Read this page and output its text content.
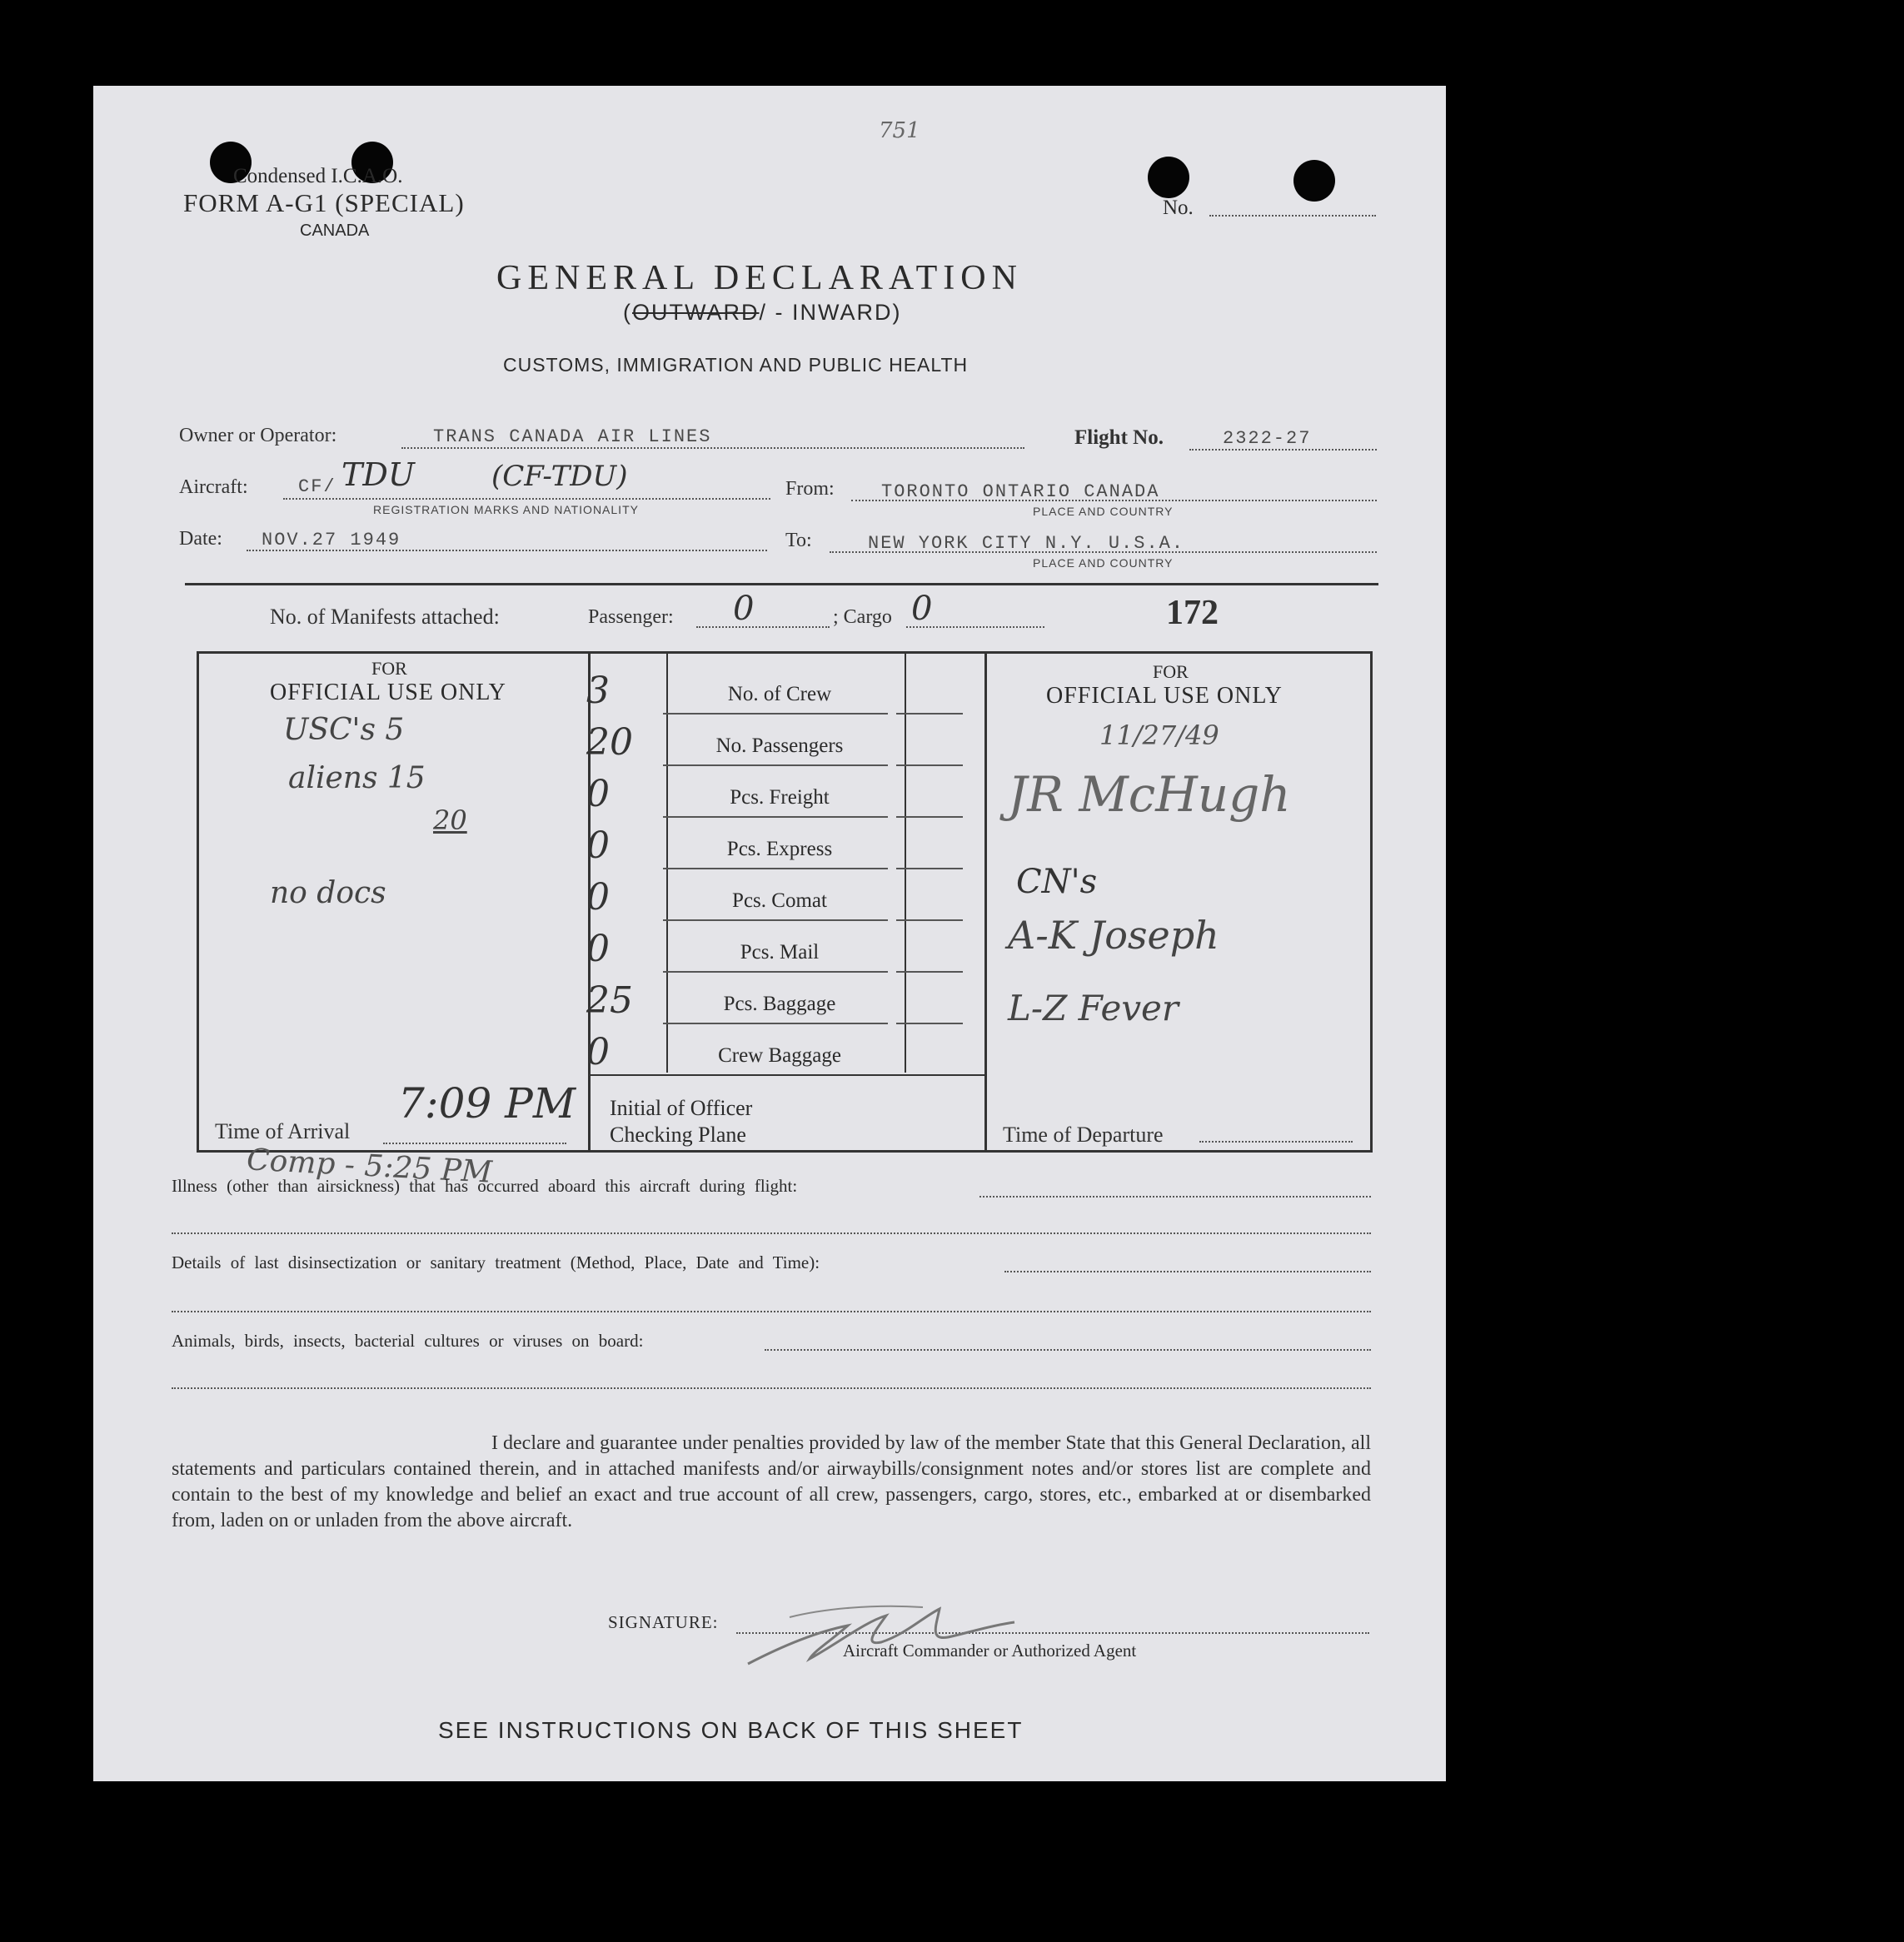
751
Condensed I.C.A.O.
FORM A-G1 (SPECIAL)
CANADA
No.
GENERAL DECLARATION
(OUTWARD/ - INWARD)
CUSTOMS, IMMIGRATION AND PUBLIC HEALTH
Owner or Operator:	TRANS CANADA AIR LINES	Flight No.	2322-27
Aircraft:	CF/ TDU	(CF-TDU)
REGISTRATION MARKS AND NATIONALITY
From:	TORONTO ONTARIO CANADA
PLACE AND COUNTRY
Date: NOV.27 1949	To:	NEW YORK CITY N.Y. U.S.A.
PLACE AND COUNTRY
No. of Manifests attached:	Passenger: 0	; Cargo 0	172
FOR
OFFICIAL USE ONLY
USC's 5
aliens 15
20
no docs
Time of Arrival
7:09 PM
Comp - 5:25 PM
3	No. of Crew
20	No. Passengers
0	Pcs. Freight
0	Pcs. Express
0	Pcs. Comat
0	Pcs. Mail
25	Pcs. Baggage
0	Crew Baggage
Initial of Officer
Checking Plane
FOR
OFFICIAL USE ONLY
11/27/49
JR McHugh
CN's
A-K Joseph
L-Z Fever
Time of Departure
Illness (other than airsickness) that has occurred aboard this aircraft during flight:
Details of last disinsectization or sanitary treatment (Method, Place, Date and Time):
Animals, birds, insects, bacterial cultures or viruses on board:
I declare and guarantee under penalties provided by law of the member State that this General Declaration, all statements and particulars contained therein, and in attached manifests and/or airwaybills/consignment notes and/or stores list are complete and contain to the best of my knowledge and belief an exact and true account of all crew, passengers, cargo, stores, etc., embarked at or disembarked from, laden on or unladen from the above aircraft.
SIGNATURE:
Aircraft Commander or Authorized Agent
SEE INSTRUCTIONS ON BACK OF THIS SHEET
